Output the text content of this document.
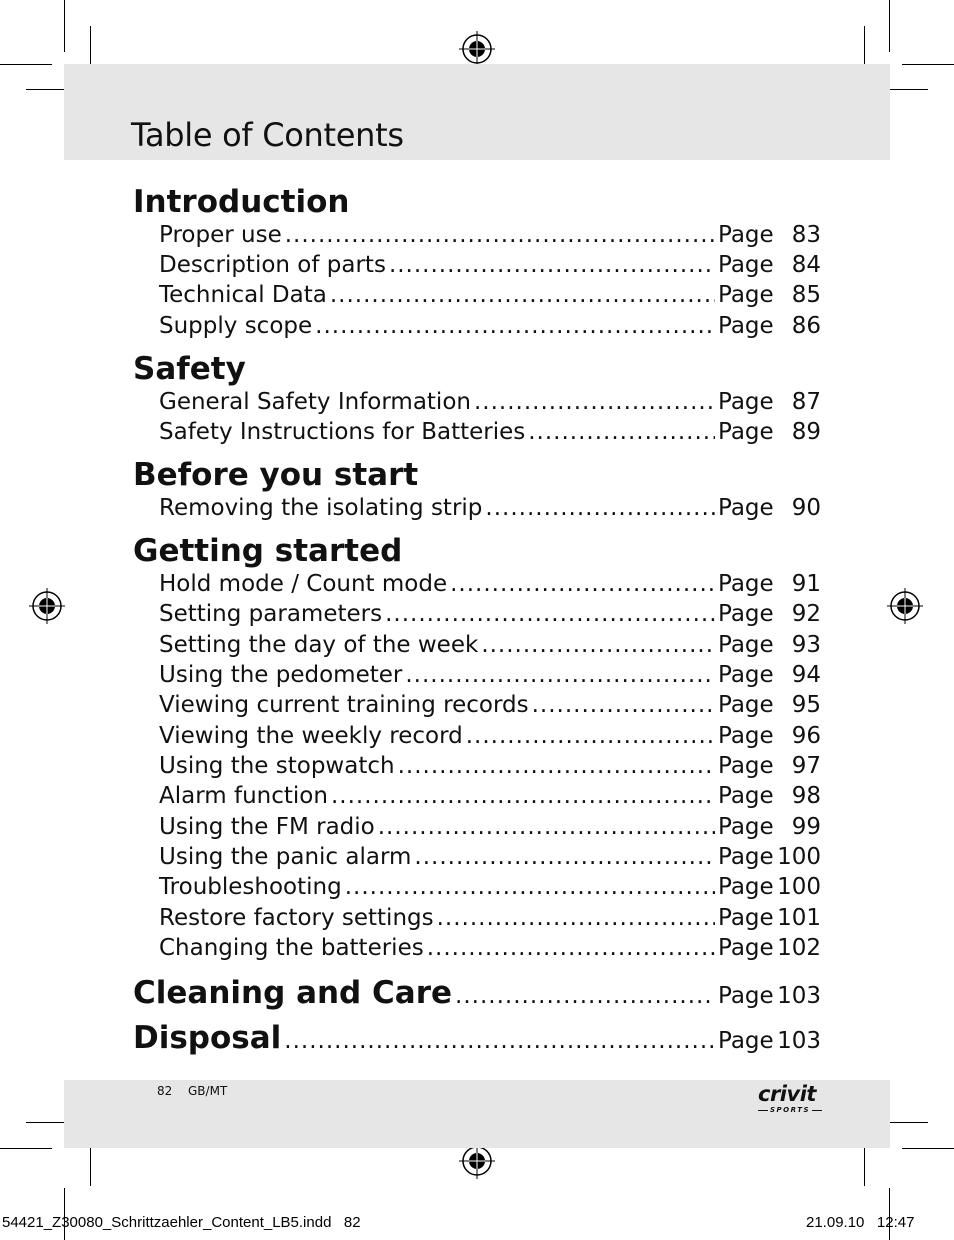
Table of Contents
Introduction
Proper use .....	Page 83
Description of parts .....	Page 84
Technical Data .....	Page 85
Supply scope .....	Page 86
Safety
General Safety Information .....	Page 87
Safety Instructions for Batteries .....	Page 89
Before you start
Removing the isolating strip .....	Page 90
Getting started
Hold mode / Count mode .....	Page 91
Setting parameters .....	Page 92
Setting the day of the week .....	Page 93
Using the pedometer .....	Page 94
Viewing current training records .....	Page 95
Viewing the weekly record .....	Page 96
Using the stopwatch .....	Page 97
Alarm function .....	Page 98
Using the FM radio .....	Page 99
Using the panic alarm .....	Page 100
Troubleshooting .....	Page 100
Restore factory settings .....	Page 101
Changing the batteries .....	Page 102
Cleaning and Care .....	Page 103
Disposal .....	Page 103
82 GB/MT	crivit
SPORTS
54421_Z30080_Schrittzaehler_Content_LB5.indd   82	21.09.10   12:47
